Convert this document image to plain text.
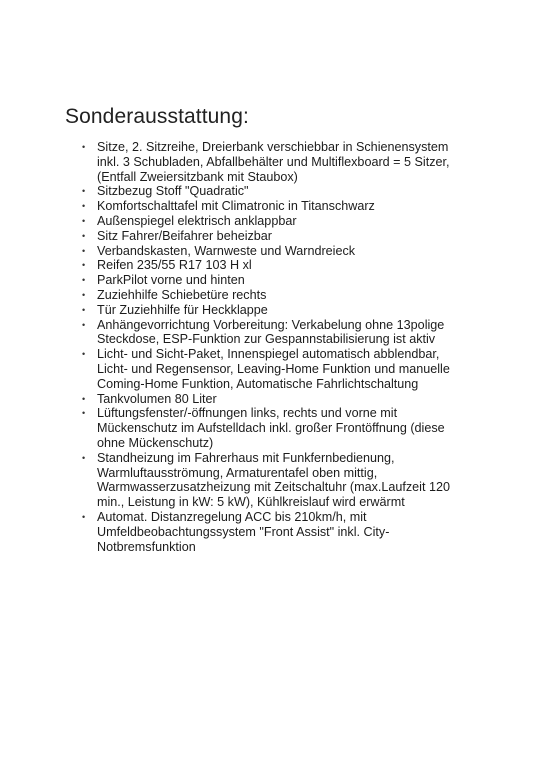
Sonderausstattung:
• Sitze, 2. Sitzreihe, Dreierbank verschiebbar in Schienensystem inkl. 3 Schubladen, Abfallbehälter und Multiflexboard = 5 Sitzer, (Entfall Zweiersitzbank mit Staubox)
• Sitzbezug Stoff "Quadratic"
• Komfortschalttafel mit Climatronic in Titanschwarz
• Außenspiegel elektrisch anklappbar
• Sitz Fahrer/Beifahrer beheizbar
• Verbandskasten, Warnweste und Warndreieck
• Reifen 235/55 R17 103 H xl
• ParkPilot vorne und hinten
• Zuziehhilfe Schiebetüre rechts
• Tür Zuziehhilfe für Heckklappe
• Anhängevorrichtung Vorbereitung: Verkabelung ohne 13polige Steckdose, ESP-Funktion zur Gespannstabilisierung ist aktiv
• Licht- und Sicht-Paket, Innenspiegel automatisch abblendbar, Licht- und Regensensor, Leaving-Home Funktion und manuelle Coming-Home Funktion, Automatische Fahrlichtschaltung
• Tankvolumen 80 Liter
• Lüftungsfenster/-öffnungen links, rechts und vorne mit Mückenschutz im Aufstelldach inkl. großer Frontöffnung (diese ohne Mückenschutz)
• Standheizung im Fahrerhaus mit Funkfernbedienung, Warmluftausströmung, Armaturentafel oben mittig, Warmwasserzusatzheizung mit Zeitschaltuhr (max.Laufzeit 120 min., Leistung in kW: 5 kW), Kühlkreislauf wird erwärmt
• Automat. Distanzregelung ACC bis 210km/h, mit Umfeldbeobachtungssystem "Front Assist" inkl. City-Notbremsfunktion
